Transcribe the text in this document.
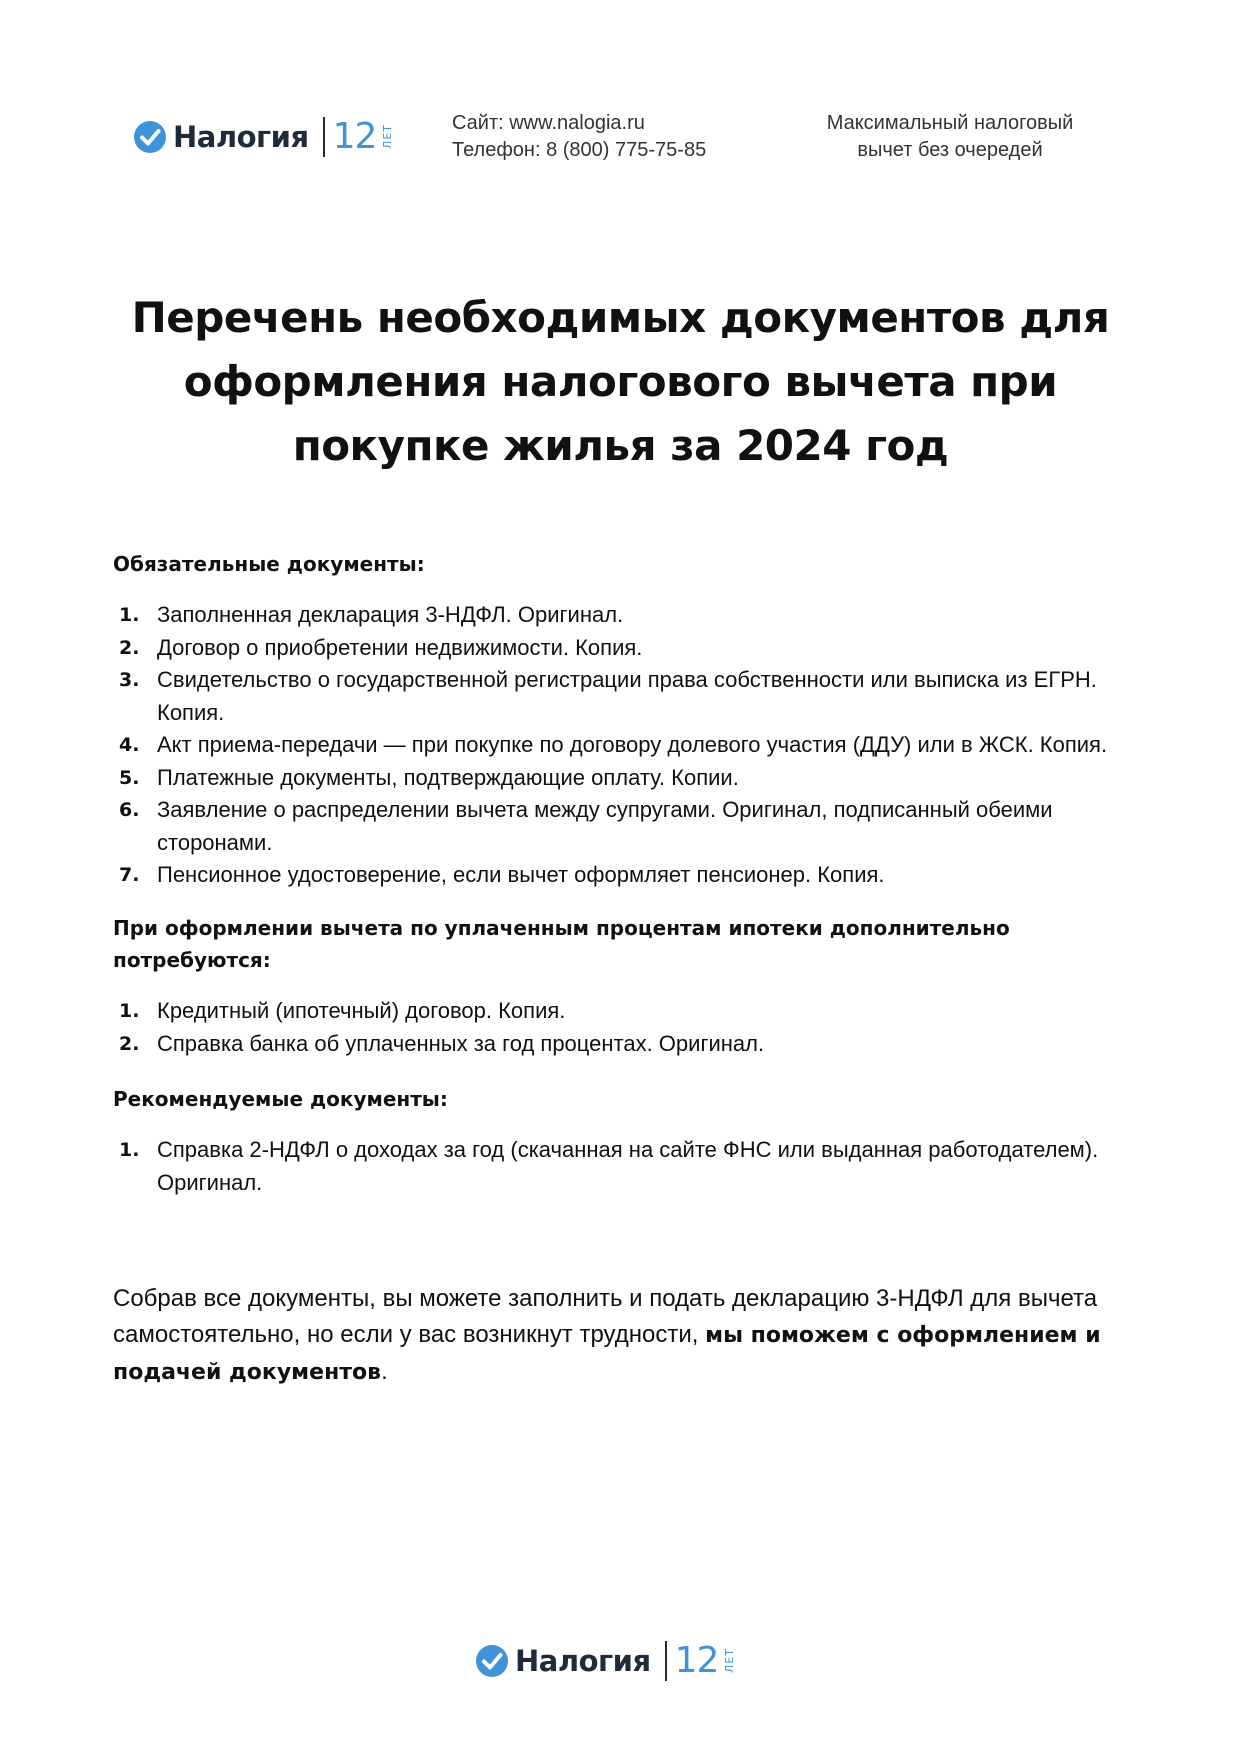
Налогия 12 ЛЕТ
Сайт: www.nalogia.ru
Телефон: 8 (800) 775-75-85
Максимальный налоговый
вычет без очередей
Перечень необходимых документов для
оформления налогового вычета при
покупке жилья за 2024 год
Обязательные документы:
1. Заполненная декларация 3-НДФЛ. Оригинал.
2. Договор о приобретении недвижимости. Копия.
3. Свидетельство о государственной регистрации права собственности или выписка из ЕГРН. Копия.
4. Акт приема-передачи — при покупке по договору долевого участия (ДДУ) или в ЖСК. Копия.
5. Платежные документы, подтверждающие оплату. Копии.
6. Заявление о распределении вычета между супругами. Оригинал, подписанный обеими сторонами.
7. Пенсионное удостоверение, если вычет оформляет пенсионер. Копия.
При оформлении вычета по уплаченным процентам ипотеки дополнительно
потребуются:
1. Кредитный (ипотечный) договор. Копия.
2. Справка банка об уплаченных за год процентах. Оригинал.
Рекомендуемые документы:
1. Справка 2-НДФЛ о доходах за год (скачанная на сайте ФНС или выданная работодателем). Оригинал.

Собрав все документы, вы можете заполнить и подать декларацию 3-НДФЛ для вычета самостоятельно, но если у вас возникнут трудности, мы поможем с оформлением и подачей документов.

Налогия 12 ЛЕТ
